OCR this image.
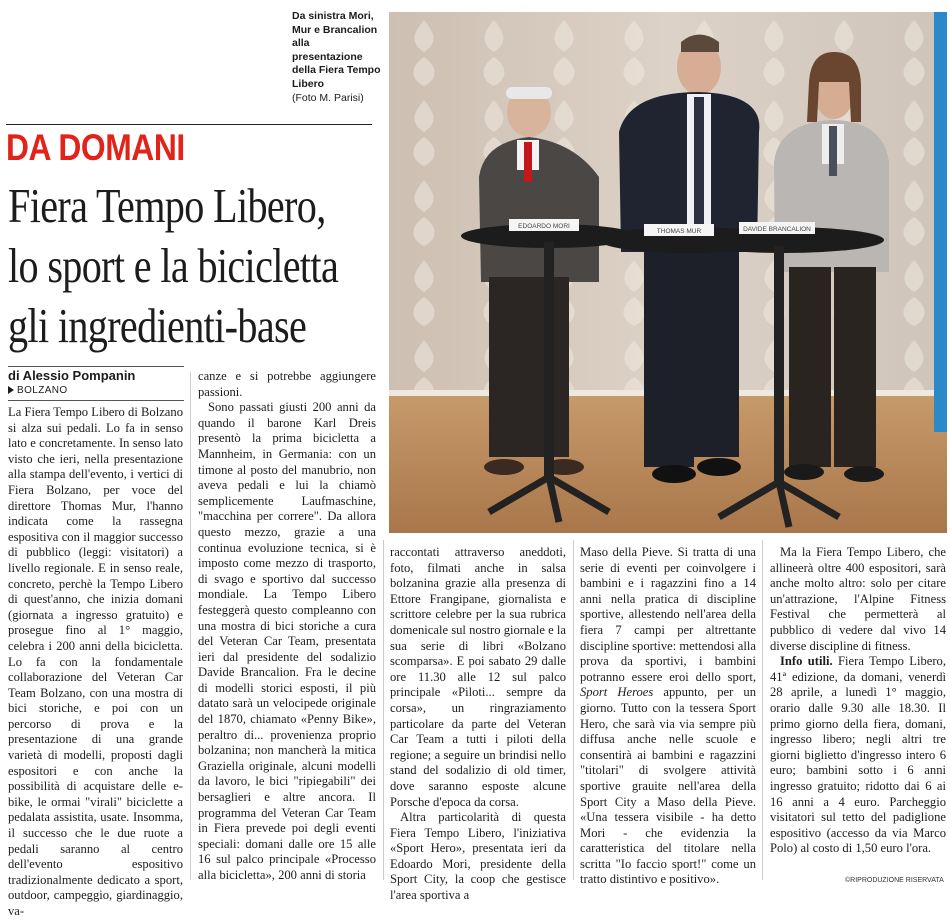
Da sinistra Mori, Mur e Brancalion alla presentazione della Fiera Tempo Libero
(Foto M. Parisi)
DA DOMANI
Fiera Tempo Libero,
lo sport e la bicicletta
gli ingredienti-base
di Alessio Pompanin
BOLZANO
EDOARDO MORI
THOMAS MUR	DAVIDE BRANCALION

La Fiera Tempo Libero di Bolzano si alza sui pedali. Lo fa in senso lato e concretamente. In senso lato visto che ieri, nella presentazione alla stampa dell'evento, i vertici di Fiera Bolzano, per voce del direttore Thomas Mur, l'hanno indicata come la rassegna espositiva con il maggior successo di pubblico (leggi: visitatori) a livello regionale. E in senso reale, concreto, perchè la Tempo Libero di quest'anno, che inizia domani (giornata a ingresso gratuito) e prosegue fino al 1° maggio, celebra i 200 anni della bicicletta. Lo fa con la fondamentale collaborazione del Veteran Car Team Bolzano, con una mostra di bici storiche, e poi con un percorso di prova e la presentazione di una grande varietà di modelli, proposti dagli espositori e con anche la possibilità di acquistare delle e-bike, le ormai "virali" biciclette a pedalata assistita, usate. Insomma, il successo che le due ruote a pedali saranno al centro dell'evento espositivo tradizionalmente dedicato a sport, outdoor, campeggio, giardinaggio, va-

canze e si potrebbe aggiungere passioni.

Sono passati giusti 200 anni da quando il barone Karl Dreis presentò la prima bicicletta a Mannheim, in Germania: con un timone al posto del manubrio, non aveva pedali e lui la chiamò semplicemente Laufmaschine, "macchina per correre". Da allora questo mezzo, grazie a una continua evoluzione tecnica, si è imposto come mezzo di trasporto, di svago e sportivo dal successo mondiale. La Tempo Libero festeggerà questo compleanno con una mostra di bici storiche a cura del Veteran Car Team, presentata ieri dal presidente del sodalizio Davide Brancalion. Fra le decine di modelli storici esposti, il più datato sarà un velocipede originale del 1870, chiamato «Penny Bike», peraltro di... provenienza proprio bolzanina; non mancherà la mitica Graziella originale, alcuni modelli da lavoro, le bici "ripiegabili" dei bersaglieri e altre ancora. Il programma del Veteran Car Team in Fiera prevede poi degli eventi speciali: domani dalle ore 15 alle 16 sul palco principale «Processo alla bicicletta», 200 anni di storia

raccontati attraverso aneddoti, foto, filmati anche in salsa bolzanina grazie alla presenza di Ettore Frangipane, giornalista e scrittore celebre per la sua rubrica domenicale sul nostro giornale e la sua serie di libri «Bolzano scomparsa». E poi sabato 29 dalle ore 11.30 alle 12 sul palco principale «Piloti... sempre da corsa», un ringraziamento particolare da parte del Veteran Car Team a tutti i piloti della regione; a seguire un brindisi nello stand del sodalizio di old timer, dove saranno esposte alcune Porsche d'epoca da corsa.

Altra particolarità di questa Fiera Tempo Libero, l'iniziativa «Sport Hero», presentata ieri da Edoardo Mori, presidente della Sport City, la coop che gestisce l'area sportiva a

Maso della Pieve. Si tratta di una serie di eventi per coinvolgere i bambini e i ragazzini fino a 14 anni nella pratica di discipline sportive, allestendo nell'area della fiera 7 campi per altrettante discipline sportive: mettendosi alla prova da sportivi, i bambini potranno essere eroi dello sport, Sport Heroes appunto, per un giorno. Tutto con la tessera Sport Hero, che sarà via via sempre più diffusa anche nelle scuole e consentirà ai bambini e ragazzini "titolari" di svolgere attività sportive grauite nell'area della Sport City a Maso della Pieve. «Una tessera visibile - ha detto Mori - che evidenzia la caratteristica del titolare nella scritta "Io faccio sport!" come un tratto distintivo e positivo».

Ma la Fiera Tempo Libero, che allineerà oltre 400 espositori, sarà anche molto altro: solo per citare un'attrazione, l'Alpine Fitness Festival che permetterà al pubblico di vedere dal vivo 14 diverse discipline di fitness.

Info utili. Fiera Tempo Libero, 41ª edizione, da domani, venerdì 28 aprile, a lunedì 1° maggio, orario dalle 9.30 alle 18.30. Il primo giorno della fiera, domani, ingresso libero; negli altri tre giorni biglietto d'ingresso intero 6 euro; bambini sotto i 6 anni ingresso gratuito; ridotto dai 6 ai 16 anni a 4 euro. Parcheggio visitatori sul tetto del padiglione espositivo (accesso da via Marco Polo) al costo di 1,50 euro l'ora.

©RIPRODUZIONE RISERVATA
